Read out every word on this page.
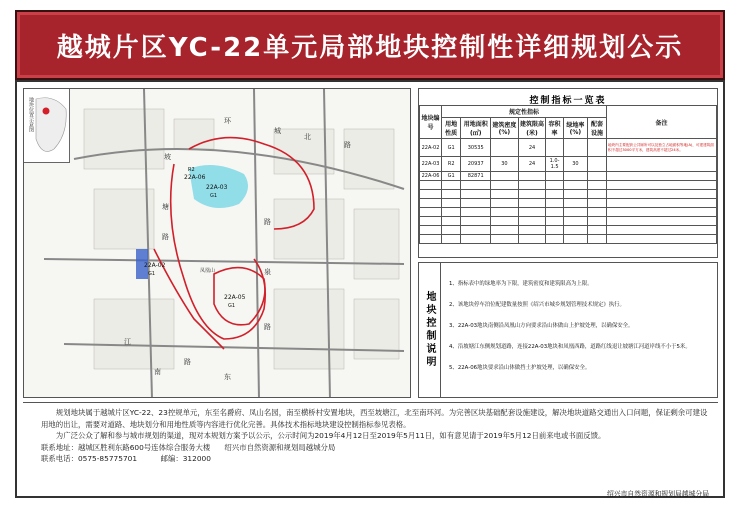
越城片区YC-22单元局部地块控制性详细规划公示
22A-03
G1
22A-02
G1
22A-05
G1
22A-06
R2
环
城
北
路
坡
塘
路
路
泉
路
江
路
凤凰山
南
东
地块位置示意图	控制指标一览表
地块编号	规定性指标							备注
	用地性质	用地面积(㎡)	建筑密度(%)	建筑限高(米)	容积率	绿地率(%)	配套设施	
22A-02	G1	30535		24				地块内主要配套公共厕所可以及独立占地面积等地(A)，可建建筑面积不超过3000平方米，建筑高度不超过24米。
22A-03	R2	20937	30	24	1.0-1.5	30		
22A-06	G1	82871						

地块控制说明

1、指标表中的绿地率为下限，建筑密度和建筑限高为上限。

2、该地块停车泊位配建数量按照《绍兴市城乡规划管理技术规定》执行。

3、22A-03地块南侧沿凤凰山方向要求沿山体做山上护坡处理，以确保安全。

4、沿坡塘江东侧规划道路，连接22A-03地块和凤凰西路，道路红线退让坡塘江河道岸线不小于5米。

5、22A-06地块要求沿山体做挡土护坡处理，以确保安全。

规划地块属于越城片区YC-22、23控规单元，东至名爵府、凤山名园，南至横桥村安置地块，西至坡塘江，北至南环河。为完善区块基础配套设施建设，解决地块道路交通出入口问题，保证剩余可建设用地的出让，需要对道路、地块划分和用地性质等内容进行优化完善。具体技术指标地块建设控制指标参见表格。

为广泛公众了解和参与城市规划的渠道，现对本规划方案予以公示，公示时间为2019年4月12日至2019年5月11日，如有意见请于2019年5月12日前来电或书面反馈。

联系地址：越城区胜利东路600号连体综合服务大楼 绍兴市自然资源和规划局越城分局

联系电话：0575-85775701	邮编：312000

绍兴市自然资源和规划局越城分局
